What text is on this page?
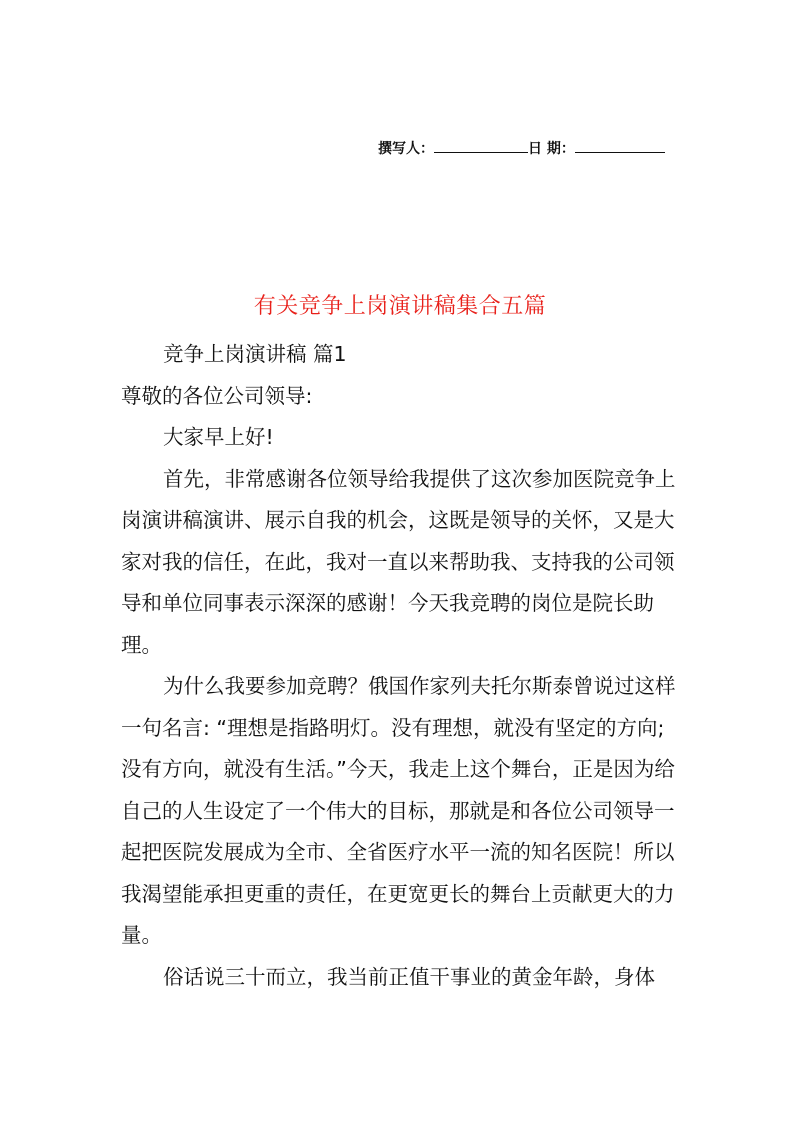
撰写人：	日 期：
有关竞争上岗演讲稿集合五篇

竞争上岗演讲稿 篇1

尊敬的各位公司领导:

大家早上好!

首先，非常感谢各位领导给我提供了这次参加医院竞争上岗演讲稿演讲、展示自我的机会，这既是领导的关怀，又是大家对我的信任，在此，我对一直以来帮助我、支持我的公司领导和单位同事表示深深的感谢！今天我竞聘的岗位是院长助理。

为什么我要参加竞聘？俄国作家列夫托尔斯泰曾说过这样一句名言: “理想是指路明灯。没有理想，就没有坚定的方向; 没有方向，就没有生活。”今天，我走上这个舞台，正是因为给自己的人生设定了一个伟大的目标，那就是和各位公司领导一起把医院发展成为全市、全省医疗水平一流的知名医院！所以我渴望能承担更重的责任，在更宽更长的舞台上贡献更大的力量。

俗话说三十而立，我当前正值干事业的黄金年龄，身体
